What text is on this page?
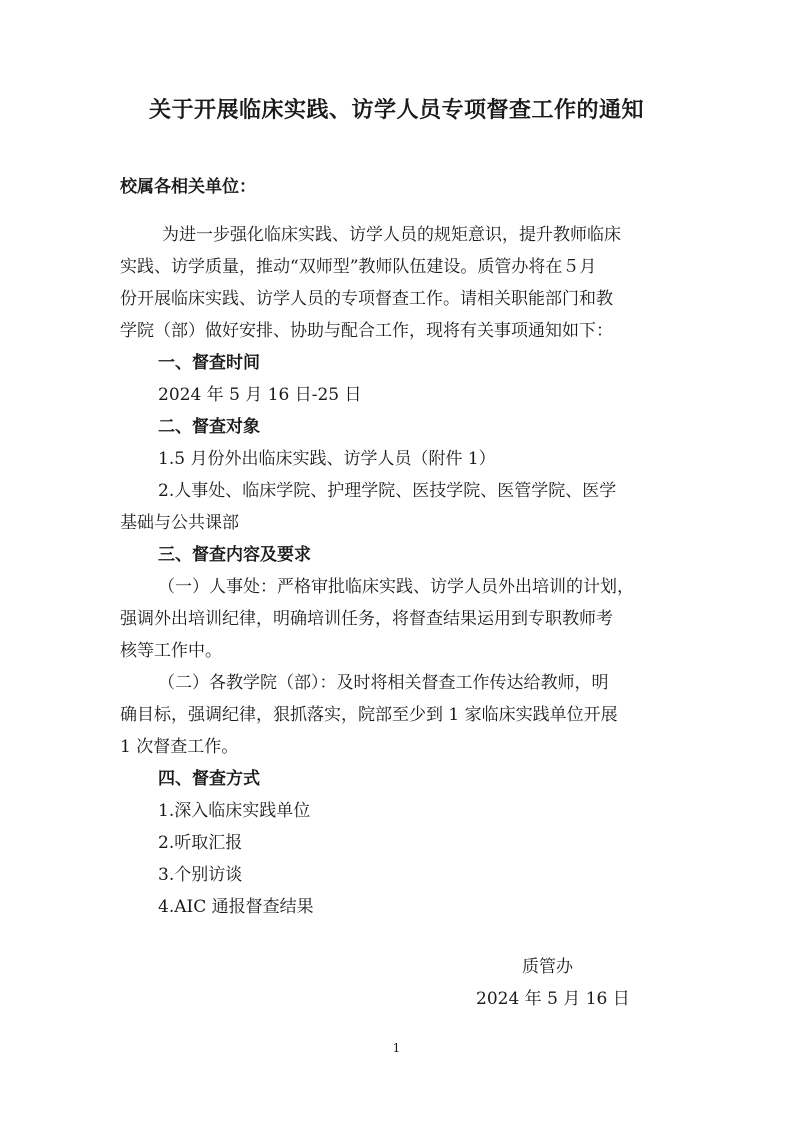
关于开展临床实践、访学人员专项督查工作的通知
校属各相关单位：
为进一步强化临床实践、访学人员的规矩意识，提升教师临床
实践、访学质量，推动“双师型”教师队伍建设。质管办将在５月
份开展临床实践、访学人员的专项督查工作。请相关职能部门和教
学院（部）做好安排、协助与配合工作，现将有关事项通知如下：
一、督查时间
2024 年 5 月 16 日-25 日
二、督查对象
1.5 月份外出临床实践、访学人员（附件 1）
2.人事处、临床学院、护理学院、医技学院、医管学院、医学
基础与公共课部
三、督查内容及要求
（一）人事处：严格审批临床实践、访学人员外出培训的计划，
强调外出培训纪律，明确培训任务，将督查结果运用到专职教师考
核等工作中。
（二）各教学院（部）：及时将相关督查工作传达给教师，明
确目标，强调纪律，狠抓落实，院部至少到 1 家临床实践单位开展
1 次督查工作。
四、督查方式
1.深入临床实践单位
2.听取汇报
3.个别访谈
4.AIC 通报督查结果
质管办
2024 年 5 月 16 日
1
